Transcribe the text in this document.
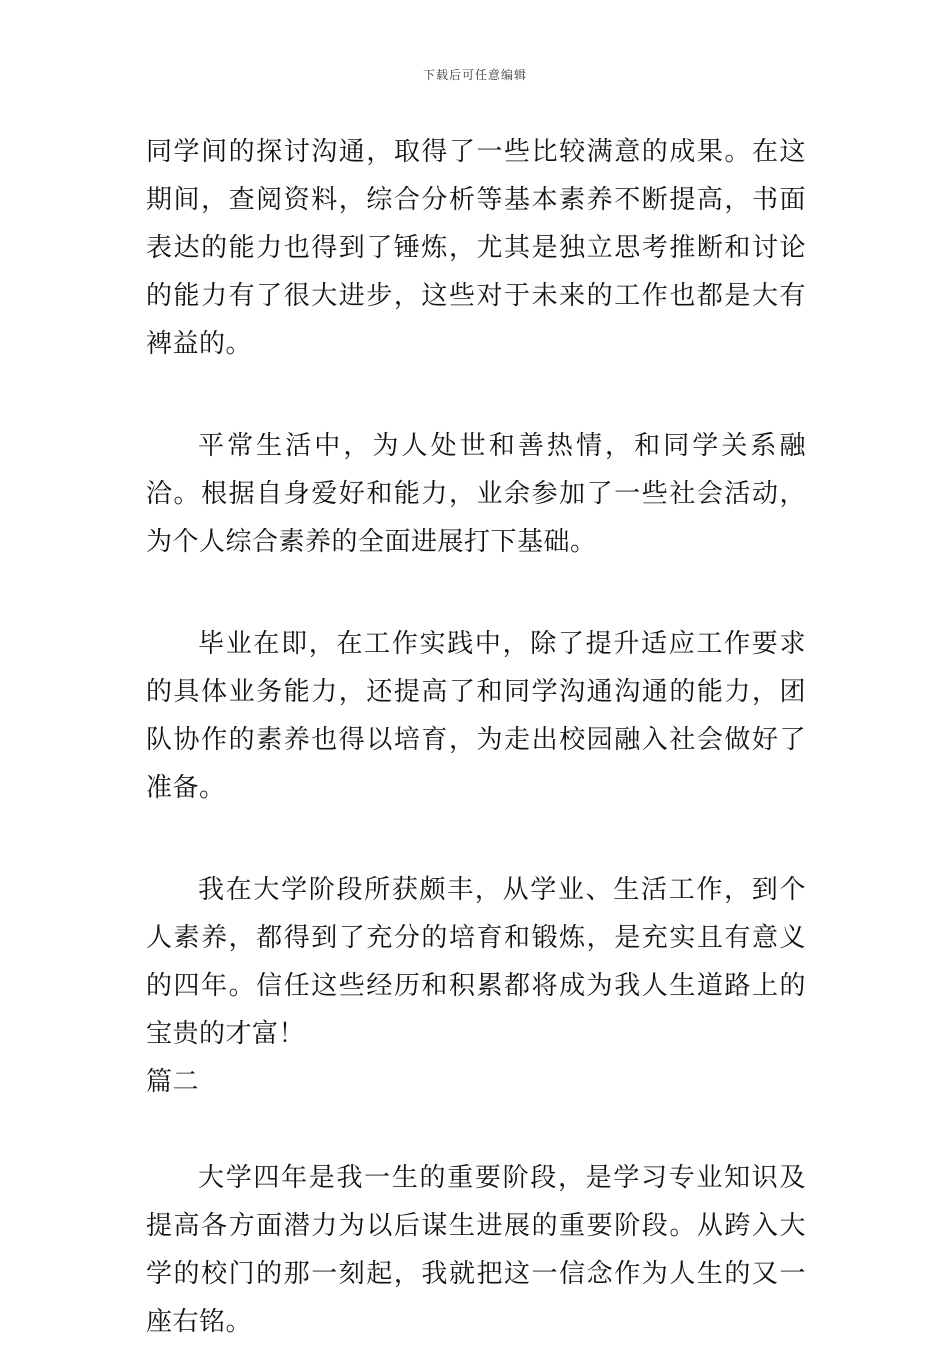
下载后可任意编辑

同学间的探讨沟通，取得了一些比较满意的成果。在这期间，查阅资料，综合分析等基本素养不断提高，书面表达的能力也得到了锤炼，尤其是独立思考推断和讨论的能力有了很大进步，这些对于未来的工作也都是大有裨益的。

平常生活中，为人处世和善热情，和同学关系融洽。根据自身爱好和能力，业余参加了一些社会活动，为个人综合素养的全面进展打下基础。

毕业在即，在工作实践中，除了提升适应工作要求的具体业务能力，还提高了和同学沟通沟通的能力，团队协作的素养也得以培育，为走出校园融入社会做好了准备。

我在大学阶段所获颇丰，从学业、生活工作，到个人素养，都得到了充分的培育和锻炼，是充实且有意义的四年。信任这些经历和积累都将成为我人生道路上的宝贵的才富！

篇二

大学四年是我一生的重要阶段，是学习专业知识及提高各方面潜力为以后谋生进展的重要阶段。从跨入大学的校门的那一刻起，我就把这一信念作为人生的又一座右铭。
